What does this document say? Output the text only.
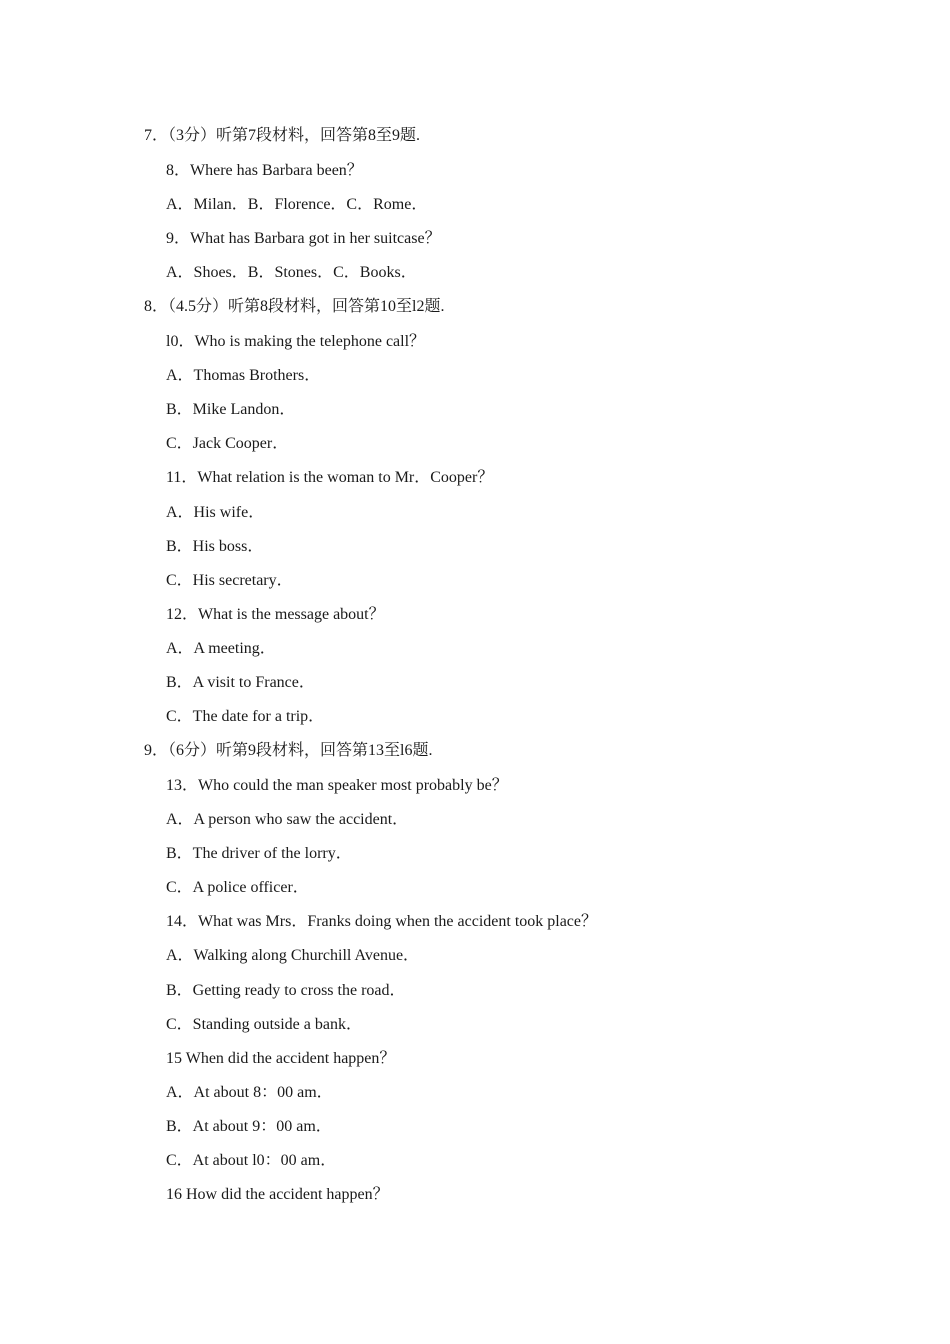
7．（3分）听第7段材料，回答第8至9题.
8．Where has Barbara been？
A．Milan．B．Florence．C．Rome．
9．What has Barbara got in her suitcase？
A．Shoes．B．Stones．C．Books．
8．（4.5分）听第8段材料，回答第10至l2题.
l0．Who is making the telephone call？
A．Thomas Brothers．
B．Mike Landon．
C．Jack Cooper．
11．What relation is the woman to Mr．Cooper？
A．His wife．
B．His boss．
C．His secretary．
12．What is the message about？
A．A meeting．
B．A visit to France．
C．The date for a trip．
9．（6分）听第9段材料，回答第13至l6题.
13．Who could the man speaker most probably be？
A．A person who saw the accident．
B．The driver of the lorry．
C．A police officer．
14．What was Mrs．Franks doing when the accident took place？
A．Walking along Churchill Avenue．
B．Getting ready to cross the road．
C．Standing outside a bank．
15 When did the accident happen？
A．At about 8：00 am．
B．At about 9：00 am．
C．At about l0：00 am．
16 How did the accident happen？
